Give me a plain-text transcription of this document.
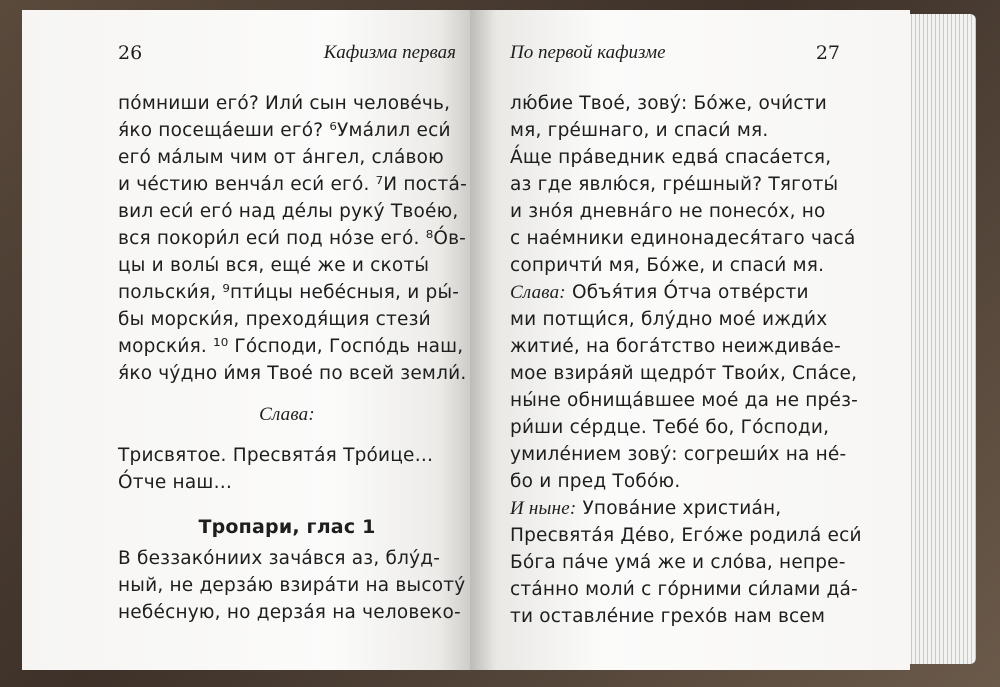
26	Кафизма первая
по́мниши его́? Или́ сын челове́чь,
я́ко посеща́еши его́? ⁶Ума́лил еси́
его́ ма́лым чим от а́нгел, сла́вою
и че́стию венча́л еси́ его́. ⁷И поста́-
вил еси́ его́ над де́лы руку́ Твое́ю,
вся покори́л еси́ под но́зе его́. ⁸О́в-
цы и волы́ вся, еще́ же и скоты́
польски́я, ⁹пти́цы небе́сныя, и ры́-
бы морски́я, преходя́щия стези́
морски́я. ¹⁰ Го́споди, Госпо́дь наш,
я́ко чу́дно и́мя Твое́ по всей земли́.
Слава:
Трисвятое. Пресвята́я Тро́ице…
О́тче наш…
Тропари, глас 1
В беззако́ниих зача́вся аз, блу́д-
ный, не дерза́ю взира́ти на высоту́
небе́сную, но дерза́я на человеко-
По первой кафизме	27
лю́бие Твое́, зову́: Бо́же, очи́сти
мя, гре́шнаго, и спаси́ мя.
А́ще пра́ведник едва́ спаса́ется,
аз где явлю́ся, гре́шный? Тяготы́
и зно́я дневна́го не понесо́х, но
с нае́мники единонадеся́таго часа́
сопричти́ мя, Бо́же, и спаси́ мя.
Слава: Объя́тия О́тча отве́рсти
ми потщи́ся, блу́дно мое́ ижди́х
житие́, на бога́тство неиждива́е-
мое взира́яй щедро́т Твои́х, Спа́се,
ны́не обнища́вшее мое́ да не пре́з-
ри́ши се́рдце. Тебе́ бо, Го́споди,
умиле́нием зову́: согреши́х на не́-
бо и пред Тобо́ю.
И ныне: Упова́ние христиа́н,
Пресвята́я Де́во, Его́же родила́ еси́
Бо́га па́че ума́ же и сло́ва, непре-
ста́нно моли́ с го́рними си́лами да́-
ти оставле́ние грехо́в нам всем
